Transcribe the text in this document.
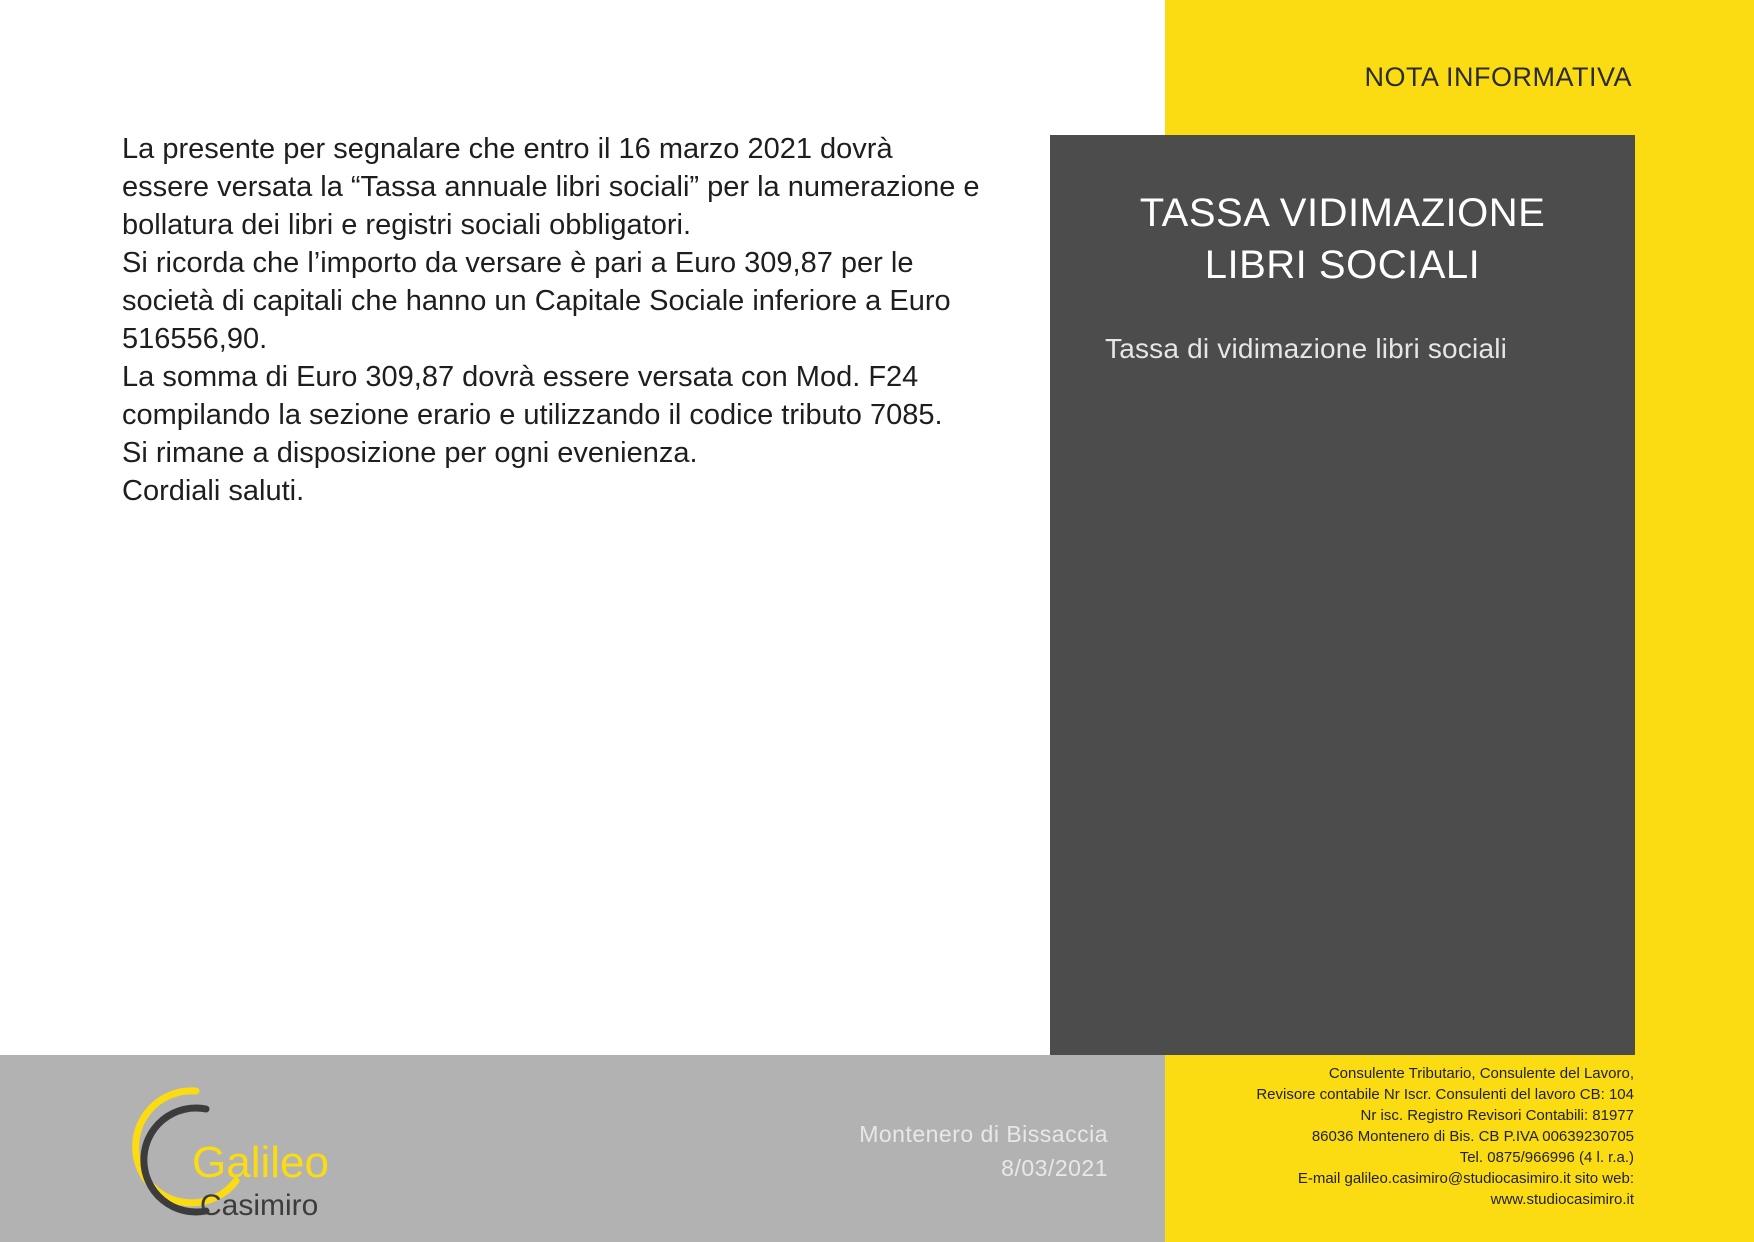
NOTA INFORMATIVA
TASSA VIDIMAZIONE
LIBRI SOCIALI
Tassa di vidimazione libri sociali
La presente per segnalare che entro il 16 marzo 2021 dovrà
essere versata la “Tassa annuale libri sociali” per la numerazione e
bollatura dei libri e registri sociali obbligatori.
Si ricorda che l’importo da versare è pari a Euro 309,87 per le
società di capitali che hanno un Capitale Sociale inferiore a Euro
516556,90.
La somma di Euro 309,87 dovrà essere versata con Mod. F24
compilando la sezione erario e utilizzando il codice tributo 7085.
Si rimane a disposizione per ogni evenienza.
Cordiali saluti.
Galileo
Casimiro
Montenero di Bissaccia
8/03/2021
Consulente Tributario, Consulente del Lavoro,
Revisore contabile Nr Iscr. Consulenti del lavoro CB: 104
Nr isc. Registro Revisori Contabili: 81977
86036 Montenero di Bis. CB P.IVA 00639230705
Tel. 0875/966996 (4 l. r.a.)
E-mail galileo.casimiro@studiocasimiro.it sito web:
www.studiocasimiro.it
